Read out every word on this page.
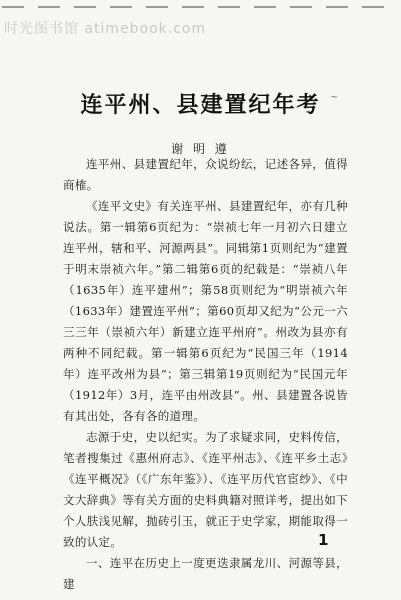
时光图书馆 atimebook.com
连平州、县建置纪年考 ~
谢 明 遵

连平州、县建置纪年，众说纷纭，记述各异，值得商榷。

《连平文史》有关连平州、县建置纪年，亦有几种说法。第一辑第6页纪为：“崇祯七年一月初六日建立连平州，辖和平、河源两县”。同辑第1页则纪为“建置于明末崇祯六年。”第二辑第6页的纪载是：“崇祯八年（1635年）连平建州”；第58页则纪为“明崇祯六年（1633年）建置连平州”；第60页却又纪为“公元一六三三年（崇祯六年）新建立连平州府”。州改为县亦有两种不同纪载。第一辑第6页纪为“民国三年（1914年）连平改州为县”；第三辑第19页则纪为“民国元年（1912年）3月，连平由州改县”。州、县建置各说皆有其出处，各有各的道理。

志源于史，史以纪实。为了求疑求同，史料传信，笔者搜集过《惠州府志》、《连平州志》、《连平乡土志》《连平概况》（《广东年鉴》）、《连平历代官宦纱》、《中文大辞典》等有关方面的史料典籍对照详考，提出如下个人肤浅见解，抛砖引玉，就正于史学家，期能取得一致的认定。

一、连平在历史上一度更迭隶属龙川、河源等县，建

1
